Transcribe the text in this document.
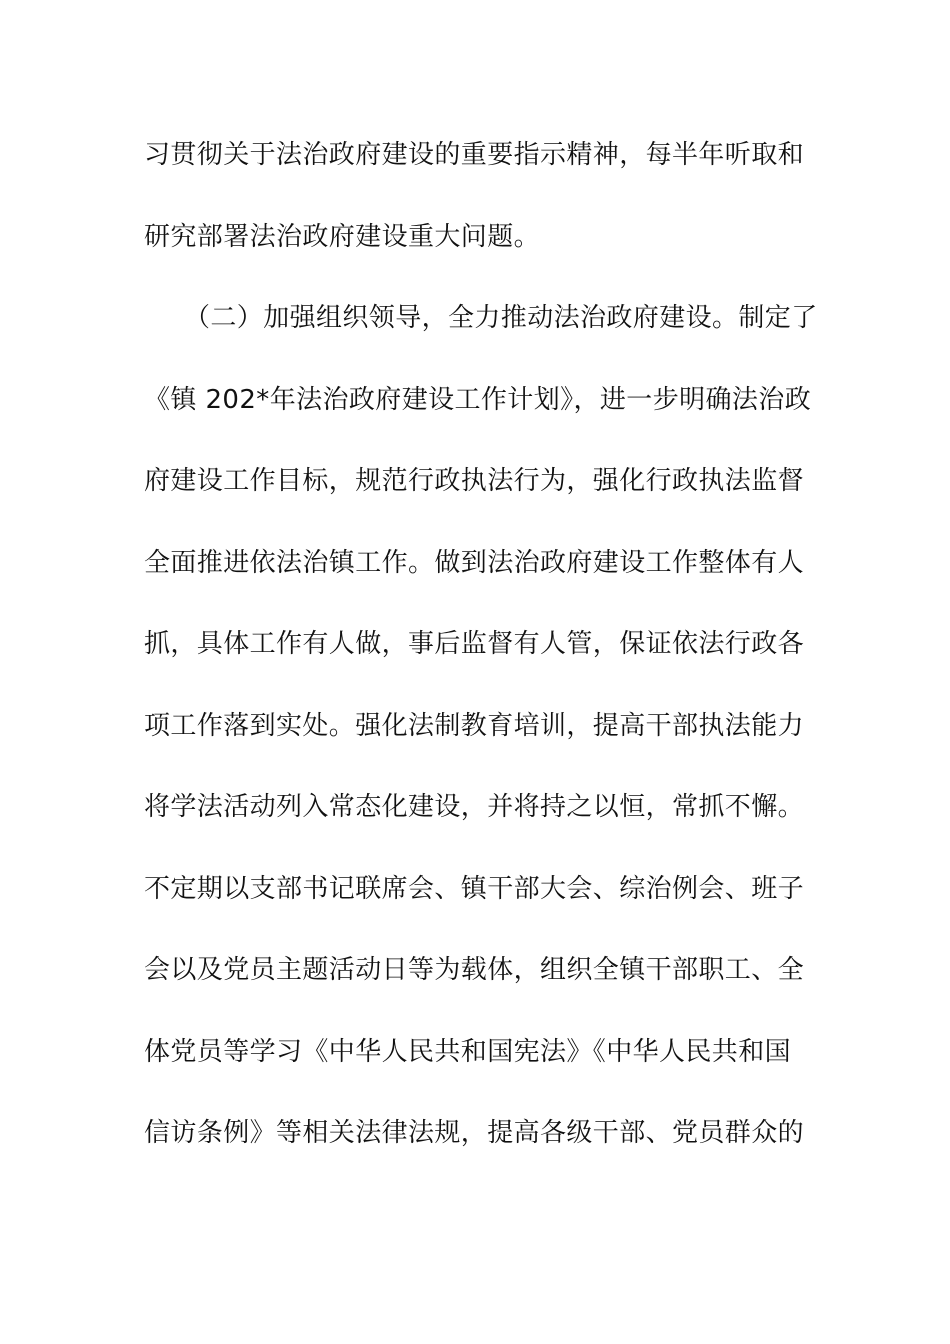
习贯彻关于法治政府建设的重要指示精神，每半年听取和
研究部署法治政府建设重大问题。
（二）加强组织领导，全力推动法治政府建设。制定了
《镇 202*年法治政府建设工作计划》，进一步明确法治政
府建设工作目标，规范行政执法行为，强化行政执法监督
全面推进依法治镇工作。做到法治政府建设工作整体有人
抓，具体工作有人做，事后监督有人管，保证依法行政各
项工作落到实处。强化法制教育培训，提高干部执法能力
将学法活动列入常态化建设，并将持之以恒，常抓不懈。
不定期以支部书记联席会、镇干部大会、综治例会、班子
会以及党员主题活动日等为载体，组织全镇干部职工、全
体党员等学习《中华人民共和国宪法》《中华人民共和国
信访条例》等相关法律法规，提高各级干部、党员群众的
